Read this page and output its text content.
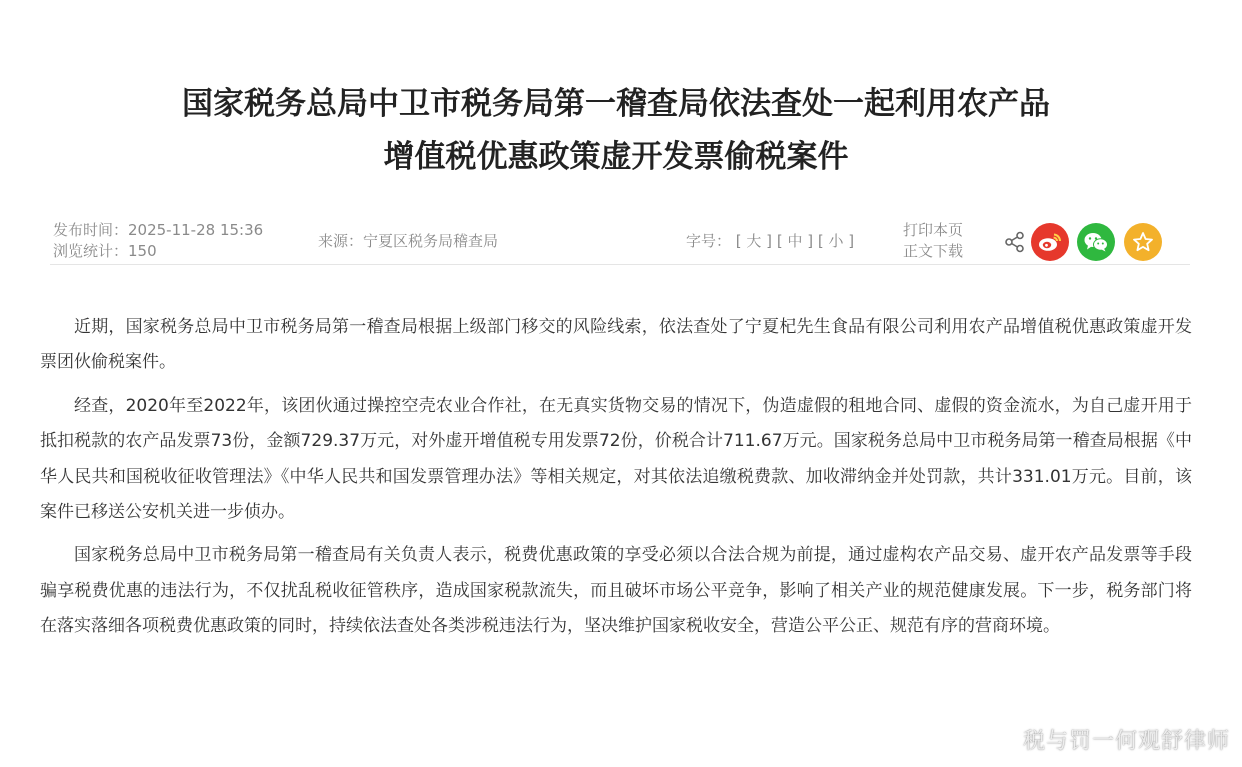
国家税务总局中卫市税务局第一稽查局依法查处一起利用农产品
增值税优惠政策虚开发票偷税案件
发布时间：2025-11-28 15:36
浏览统计：150
来源：宁夏区税务局稽查局	字号： [ 大 ] [ 中 ] [ 小 ]
打印本页
正文下载

近期，国家税务总局中卫市税务局第一稽查局根据上级部门移交的风险线索，依法查处了宁夏杞先生食品有限公司利用农产品增值税优惠政策虚开发票团伙偷税案件。

经查，2020年至2022年，该团伙通过操控空壳农业合作社，在无真实货物交易的情况下，伪造虚假的租地合同、虚假的资金流水，为自己虚开用于抵扣税款的农产品发票73份，金额729.37万元，对外虚开增值税专用发票72份，价税合计711.67万元。国家税务总局中卫市税务局第一稽查局根据《中华人民共和国税收征收管理法》《中华人民共和国发票管理办法》等相关规定，对其依法追缴税费款、加收滞纳金并处罚款，共计331.01万元。目前，该案件已移送公安机关进一步侦办。

国家税务总局中卫市税务局第一稽查局有关负责人表示，税费优惠政策的享受必须以合法合规为前提，通过虚构农产品交易、虚开农产品发票等手段骗享税费优惠的违法行为，不仅扰乱税收征管秩序，造成国家税款流失，而且破坏市场公平竞争，影响了相关产业的规范健康发展。下一步，税务部门将在落实落细各项税费优惠政策的同时，持续依法查处各类涉税违法行为，坚决维护国家税收安全，营造公平公正、规范有序的营商环境。

税与罚一何观舒律师
